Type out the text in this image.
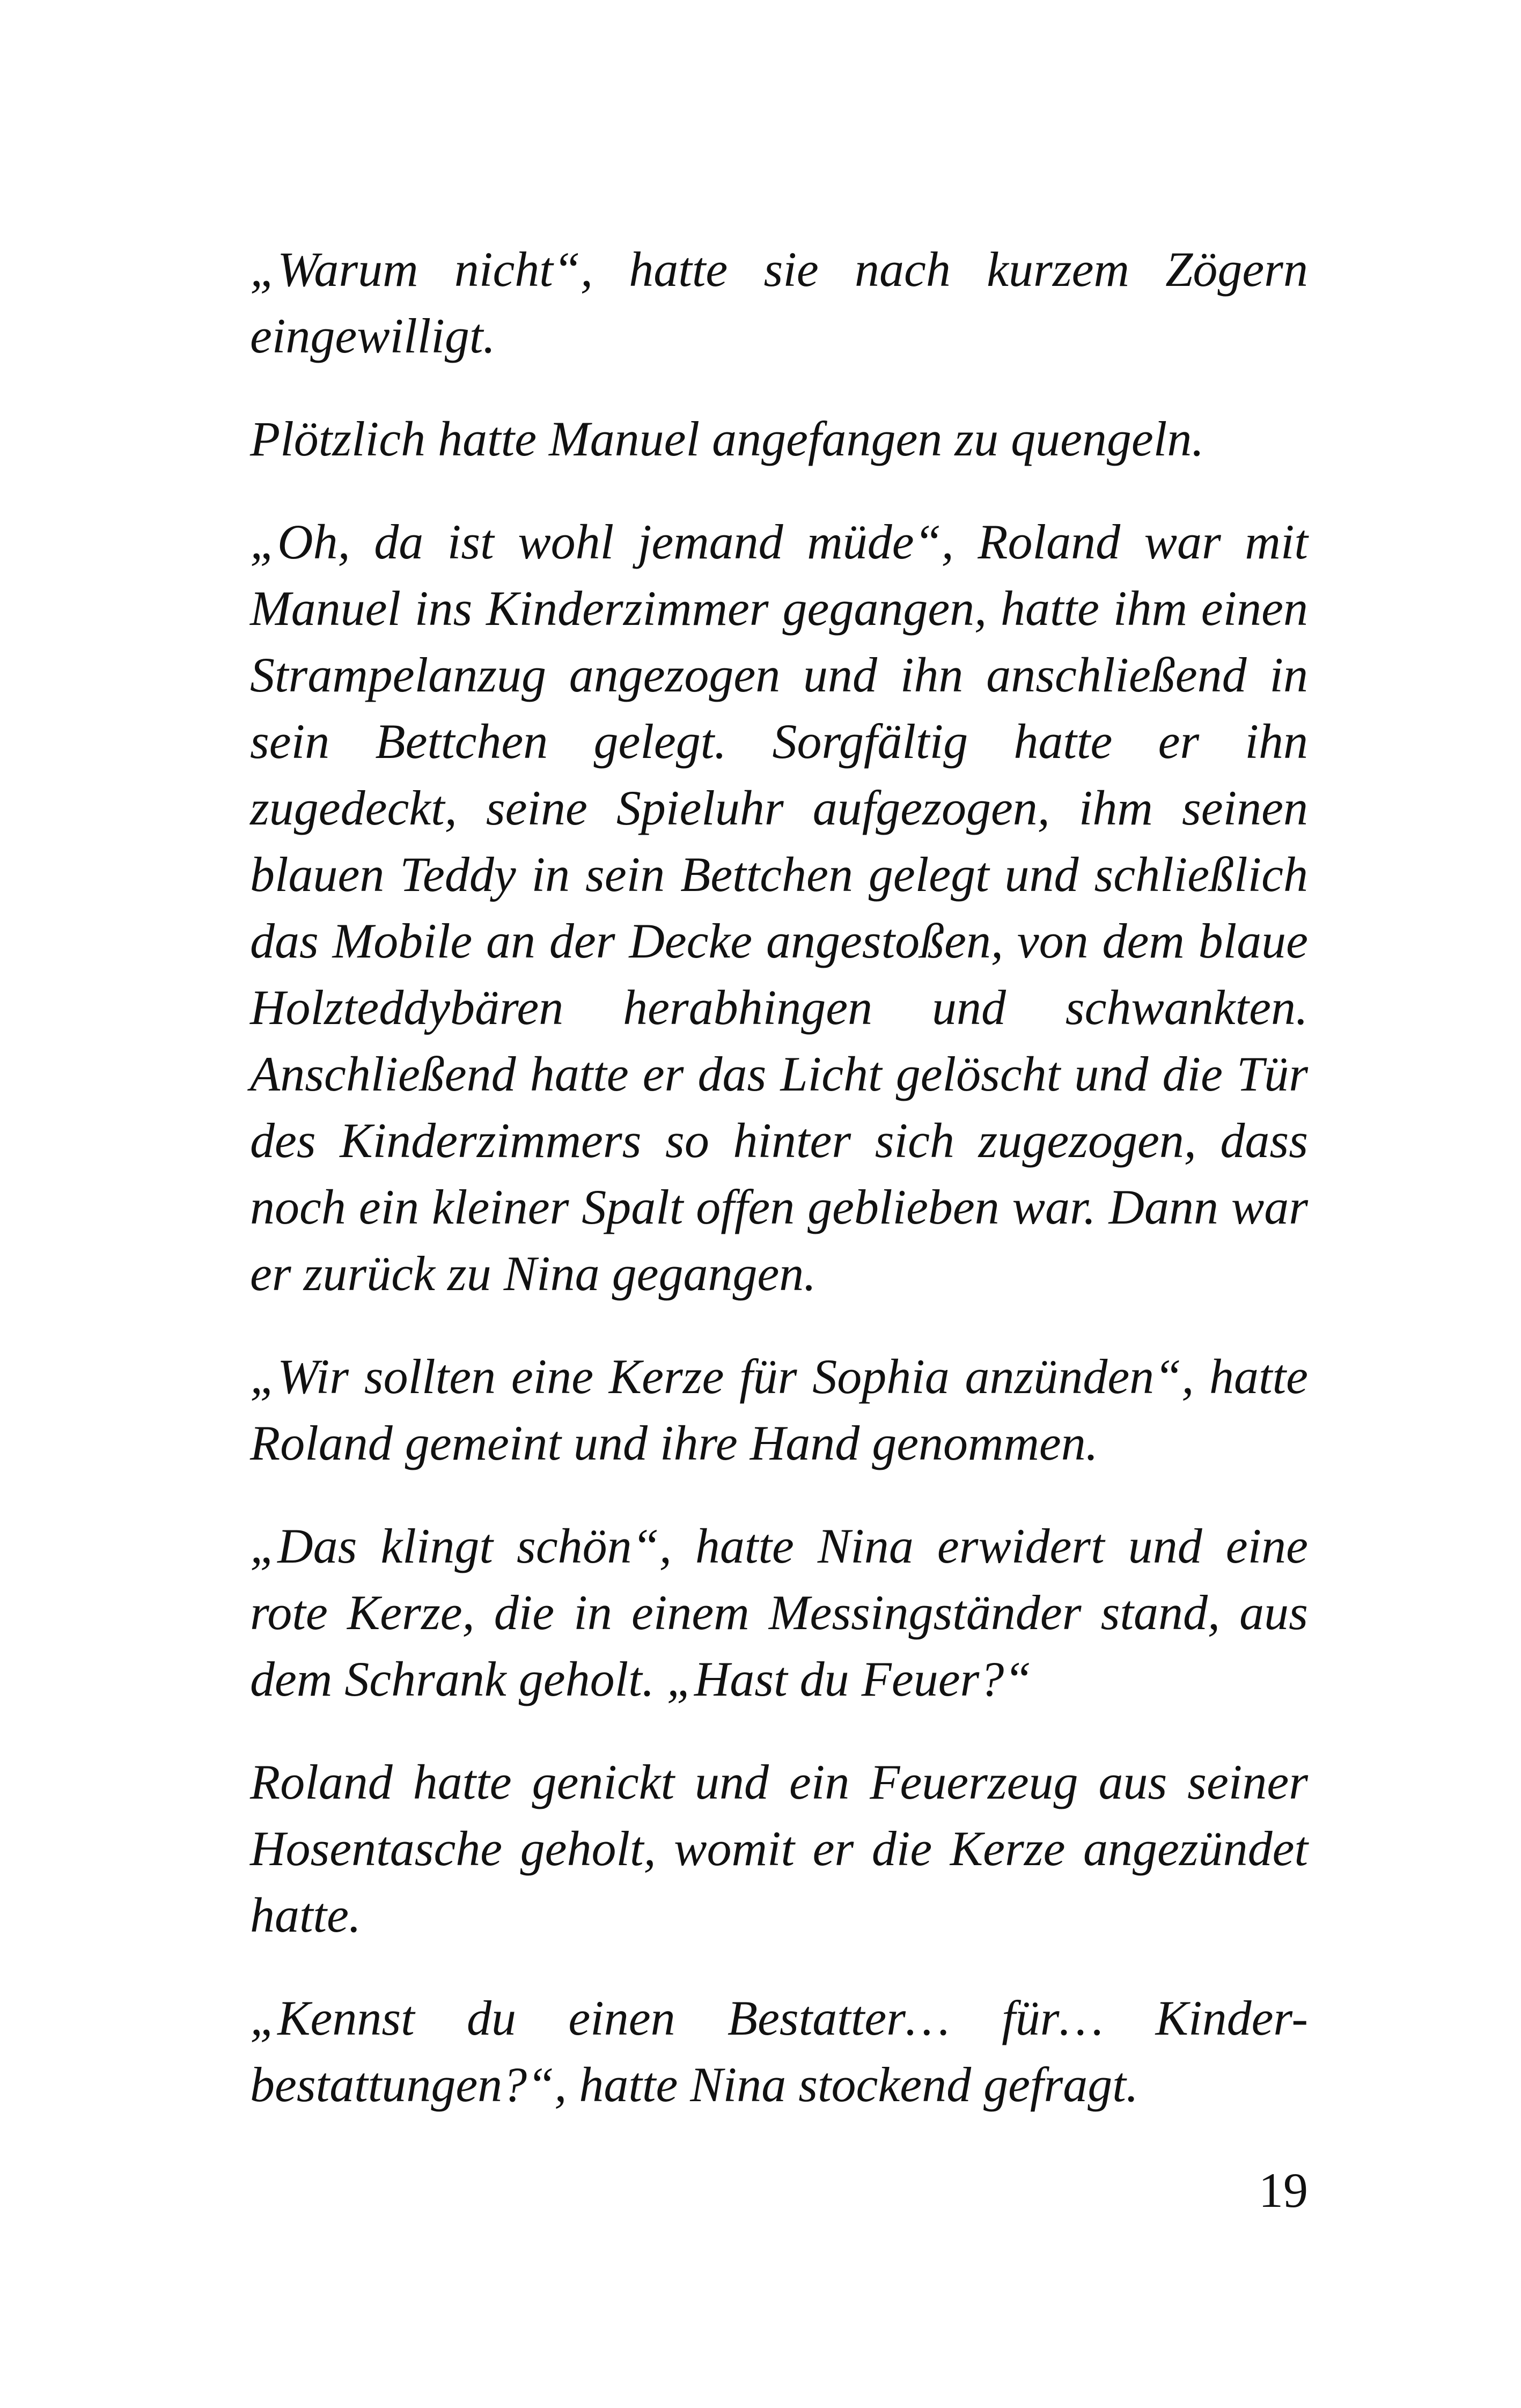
„Warum nicht“, hatte sie nach kurzem Zögern eingewilligt.

Plötzlich hatte Manuel angefangen zu quengeln.

„Oh, da ist wohl jemand müde“, Roland war mit Manuel ins Kinderzimmer gegangen, hatte ihm einen Strampelanzug angezogen und ihn anschließend in sein Bettchen gelegt. Sorgfältig hatte er ihn zugedeckt, seine Spieluhr aufgezogen, ihm seinen blauen Teddy in sein Bettchen gelegt und schließlich das Mobile an der Decke angestoßen, von dem blaue Holzteddybären herabhingen und schwankten. Anschließend hatte er das Licht gelöscht und die Tür des Kinderzimmers so hinter sich zugezogen, dass noch ein kleiner Spalt offen geblieben war. Dann war er zurück zu Nina gegangen.

„Wir sollten eine Kerze für Sophia anzünden“, hatte Roland gemeint und ihre Hand genommen.

„Das klingt schön“, hatte Nina erwidert und eine rote Kerze, die in einem Messingständer stand, aus dem Schrank geholt. „Hast du Feuer?“

Roland hatte genickt und ein Feuerzeug aus seiner Hosentasche geholt, womit er die Kerze angezündet hatte.

„Kennst du einen Bestatter… für… Kinder-bestattungen?“, hatte Nina stockend gefragt.

19
